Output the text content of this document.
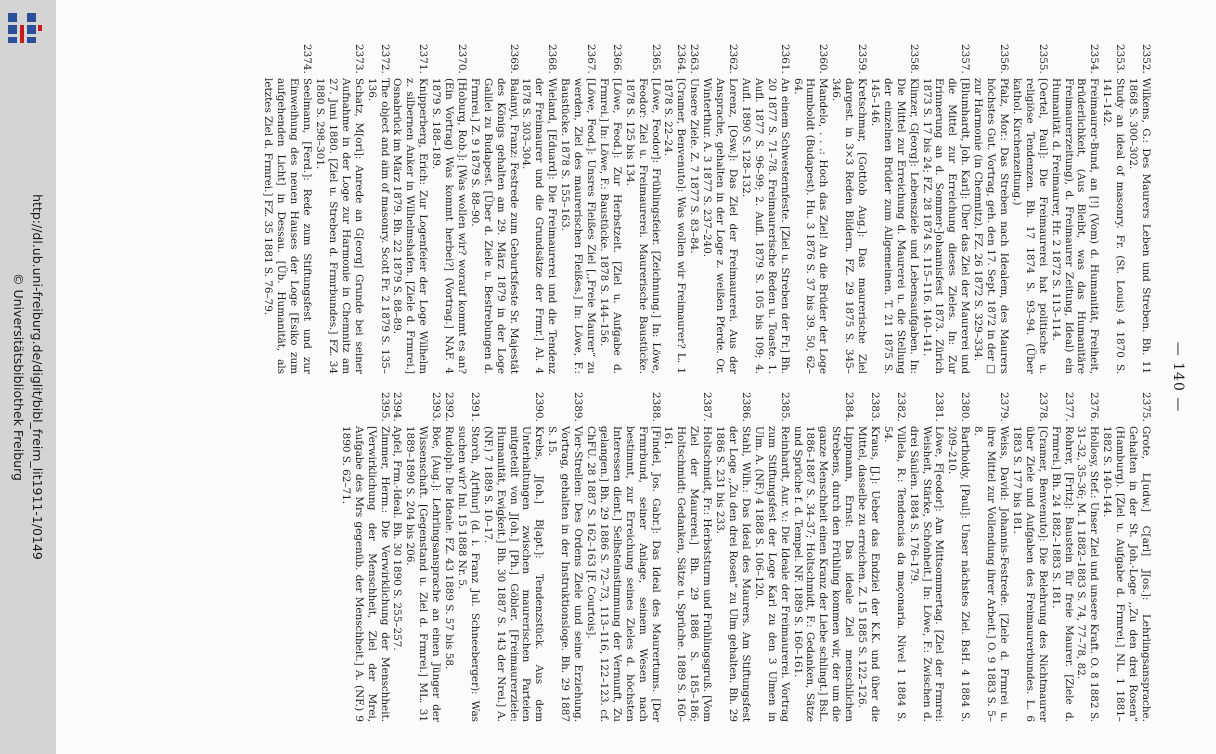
http://dl.ub.uni-freiburg.de/diglit/bibl_freim_lit1911-1/0149
© Universitätsbibliothek Freiburg	— 140 —
2352.
Wilkens, G.: Des Maurers Leben und Streben. Bh. 11 1868 S. 300–302.
2353.
Study an ideal of masonry. Fr. (St. Louis) 4 1870 S. 141–142.
2354.
Freimaurer-Bund, an [!] (Vom) d. Humanität, Freiheit, Brüderlichkeit, (Aus Bleibt, was das Humanitäre Freimaurerzeitung), d. Freimaurer Zeitung, Ideal) ein Humanität. d. Freimaurer, Hr. 2 1872 S. 113–114.
2355.
[Oertel, Paul]: Die Freimaurerei hat politische u. religiöse Tendenzen. Bh. 17 1874 S. 93–94. (Über kathol. Kirchenzeitung.)
2356.
Pfalz, Mor.: Das Streben nach Idealem, des Maurers höchstes Gut. Vortrag, geh. den 17. Sept. 1872 in der □ zur Harmonie (in Chemnitz). FZ. 26 1872 S. 329–334.
2357.
[Blumhardt, Joh. Karl]: Über das Ziel der Maurerei und die Mittel zur Erreichung dieses Zieles. In: Zur Erinnerung an d. Sommer-Johannisfest 1873. Zürich 1873 S. 17 bis 24; FZ. 28 1874 S. 115–116. 140–141.
2358.
Klinzer, G[eorg]: Lebensziele und Lebensaufgaben. In: Die Mittel zur Erreichung d. Maurerei u. die Stellung der einzelnen Brüder zum Allgemeinen. T. 21 1875 S. 145–146.
2359.
Kretschmar, [Gottlob Aug.]: Das maurerische Ziel dargest. in 3×3 Reden Bildern. FZ. 29 1875 S. 345–346.
2360.
Mandelo, . . .: Hoch das Ziel! An die Brüder der Loge Humboldt (Budapest). Hu. 3 1876 S. 37 bis 39. 50, 62–64.
2361.
An einem Schwesternfeste. [Ziel u. Streben der Fr.] Bh. 20 1877 S. 71–78. Freimaurerische Reden u. Toaste. 1. Aufl. 1877 S. 96–99; 2. Aufl. 1879 S. 105 bis 109; 4. Aufl. 1890 S. 128–132.
2362.
Lorenz, [Osw.]: Das Ziel der Freimaurerei. Aus der Ansprache, gehalten in der Loge z. weißen Pferde. Or. Winterthur. A. 3 1877 S. 237–240.
2363.
Unsere Ziele. Z. 7 1877 S. 83–84.
2364.
[Cramer, Benvenuto]: Was wollen wir Freimaurer? L. 1 1878 S. 22–24.
2365.
[Löwe, Feodor]: Frühlingsfeier. [Zeichnung.] In: Löwe, Feodor: Ziel u. Freimaurerei. Maurerische Baustücke. 1878 S. 125 bis 134.
2366.
[Löwe, Feod.]: Zur Herbstzeit. [Ziel u. Aufgabe d. Frmrei.] In: Löwe, F.: Baustücke. 1878 S. 144–156.
2367.
[Löwe, Feod.]: Unsres Fleißes Ziel [,,Freie Maurer“ zu werden, Ziel des maurerischen Fleißes.] In: Löwe, F.: Baustücke. 1878 S. 155–163.
2368.
Wieland, [Eduard]: Die Freimaurerei und die Tendenz der Freimaurer und die Grundsätze der Frmr.] Al. 4 1878 S. 303–304.
2369.
Balanyi, Franz: Festrede zum Geburtsfeste Sr. Majestät des Königs gehalten am 29. März 1879 in der Loge Galilei zu Budapest. [Über d. Ziele u. Bestrebungen d. Frmrei.] Z. 9 1879 S. 88–90.
2370.
[Hoburg, Rob.]: [Was wollen wir? worauf kommt es an? (Ein Vortrag) Was kommt herbei?] (Vortrag.] NAF. 4 1879 S. 188–189.
2371.
Knipperberg, Erich: Zur Logenfeier der Loge Wilhelm z. silbernen Anker in Wilhelmshafen. [Ziele d. Frmrei.] Osnabrück im März 1879. Bh. 22 1879 S. 88–89.
2372.
The object and aim of masonry. Scott Fr. 2 1879 S. 135–136.
2373.
Schatz, M[ori]: Anrede an G[eorg] Grunde bei seiner Aufnahme in der Loge zur Harmonie in Chemnitz am 27. Juni 1880. [Ziel u. Streben d. Frmrbundes.] FZ. 34 1880 S. 298–301.
2374.
Seelmann, [Ferd.]: Rede zum Stiftungsfest und zur Einweihung des neuen Hauses der Loge [Esiko zum aufgehenden Licht] in Dessau. [Üb. Humanität, als letztes Ziel d. Frmrei.] FZ. 35 1881 S. 76–79.
2375.
Grote, L[udw.] C[arl] J[os.]: Lehrlingsansprache. Gehalten in der St. Joh.-Loge ,,Zu den drei Rosen“ (Hamburg). [Ziel u. Aufgabe d. Frmrei.] NL. 1 1881–1882 S. 140–144.
2376.
Hollosy, Stef.: Unser Ziel und unsere Kraft. O. 8 1882 S. 31–32, 35–36; M. 1 1882–1883 S. 74, 77–78, 82.
2377.
Rohrer, [Fritz]: Baustein für freie Maurer. [Ziele d. Frmrei.] Bh. 24 1882–1883 S. 181.
2378.
[Cramer, Benvenuto]: Die Belehrung des Nichtmaurer über Ziele und Aufgaben des Freimaurerbundes. L. 6 1883 S. 177 bis 181.
2379.
Weiss, David: Johannis-Festrede. [Ziele d. Frmrei u. ihre Mittel zur Vollendung ihrer Arbeit.] O. 9 1883 S. 5–8.
2380.
Bartholdy, [Paul]: Unser nächstes Ziel. BsH. 4 1884 S. 209–210.
2381.
Löwe, F[eodor]: Am Mittsommertag. [Ziel der Frmrei: Weisheit, Stärke, Schönheit.] In: Löwe, F.: Zwischen d. drei Säulen. 1884 S. 176–179.
2382.
Villela, R.: Tendencias da maçonaria. Nivel 1 1884 S. 54.
2383.
Kraus, [J.]: Ueber das Endziel der K.K. und über die Mittel, dasselbe zu erreichen. Z. 15 1885 S. 122–126.
2384.
Lippmann, Ernst: Das ideale Ziel menschlichen Strebens, durch den Frühling kommen wir, der um die ganze Menschheit einen Kranz der Liebe schlingt.] BsL. 1886–1887 S. 34–37; Holtschmidt, F.: Gedanken, Sätze und Sprüche f. d. Tempel. NF. 1889 S. 160–161.
2385.
Reinhardt, Aur. v.: Die Ideale der Freimaurerei. Vortrag zum Stiftungsfest der Loge Karl zu den 3 Ulmen in Ulm. A. (NF.) 4 1888 S. 106–120.
2386.
Stahl, Wilh.: Das Ideal des Maurers. Am Stiftungsfest der Loge ,,Zu den drei Rosen“ zu Ulm gehalten. Bh. 29 1886 S. 231 bis 233.
2387.
Holtschmidt, Fr.: Herbststurm und Frühlingsgruß. [Vom Ziel der Maurerei.] Bh. 29 1886 S. 185–186; Holtschmidt: Gedanken, Sätze u. Sprüche. 1889 S. 160–161.
2388.
[Findel, Jos. Gabr.]: Das Ideal des Maurertums. [Der Frmrbund, seiner Anlage, seinem Wesen nach bestimmt, zur Erreichung seines Zieles d. höchsten Interessen dient.] Selbsteinstimmung der Vernunft, Zu gelangen.] Bh. 29 1886 S. 72–73, 113–116, 122–123. cf. ChFU. 28 1887 S. 162–163 [F. Courtois].
2389.
Vier-Strellen: Des Ordens Ziele und seine Erziehung. Vortrag, gehalten in der Instruktionsloge. Bh. 29 1887 S. 15.
2390.
Krebs, J[oh.] B[apt.]: Tendenzstück. Aus dem Unterhaltungen zwischen maurerischen Parteien mitgeteilt von J[oh.] [Ph.] Göbler. [Freimaurerziele: Humanität, Ewigkeit.] Bh. 30 1887 S. 143 der Nrei.] A. (NF.) 7 1889 S. 10–17.
2391.
Storch, A[rthur] (d. i. Franz Jul. Schneeberger): Was suchen wir? Inl. 15 1888 Nr. 5.
2392.
Rudolph: Die Ideale. FZ. 43 1889 S. 57 bis 58.
2393.
Böe, [Aug.]: Lehrlingsansprache an einen Jünger der Wissenschaft. [Gegenstand u. Ziel d. Frmrei.] ML. 31 1889–1890 S. 204 bis 206.
2394.
Apfel, Frm.-Ideal. Bh. 30 1890 S. 255–257.
2395.
Zimmer, Herm.: Die Verwirklichung der Menschheit. [Verwirklichung der Menschheit, Ziel der Mrei, Aufgabe des Mrs gegenüb. der Menschheit.] A. (NF.) 9 1890 S. 62–71.
